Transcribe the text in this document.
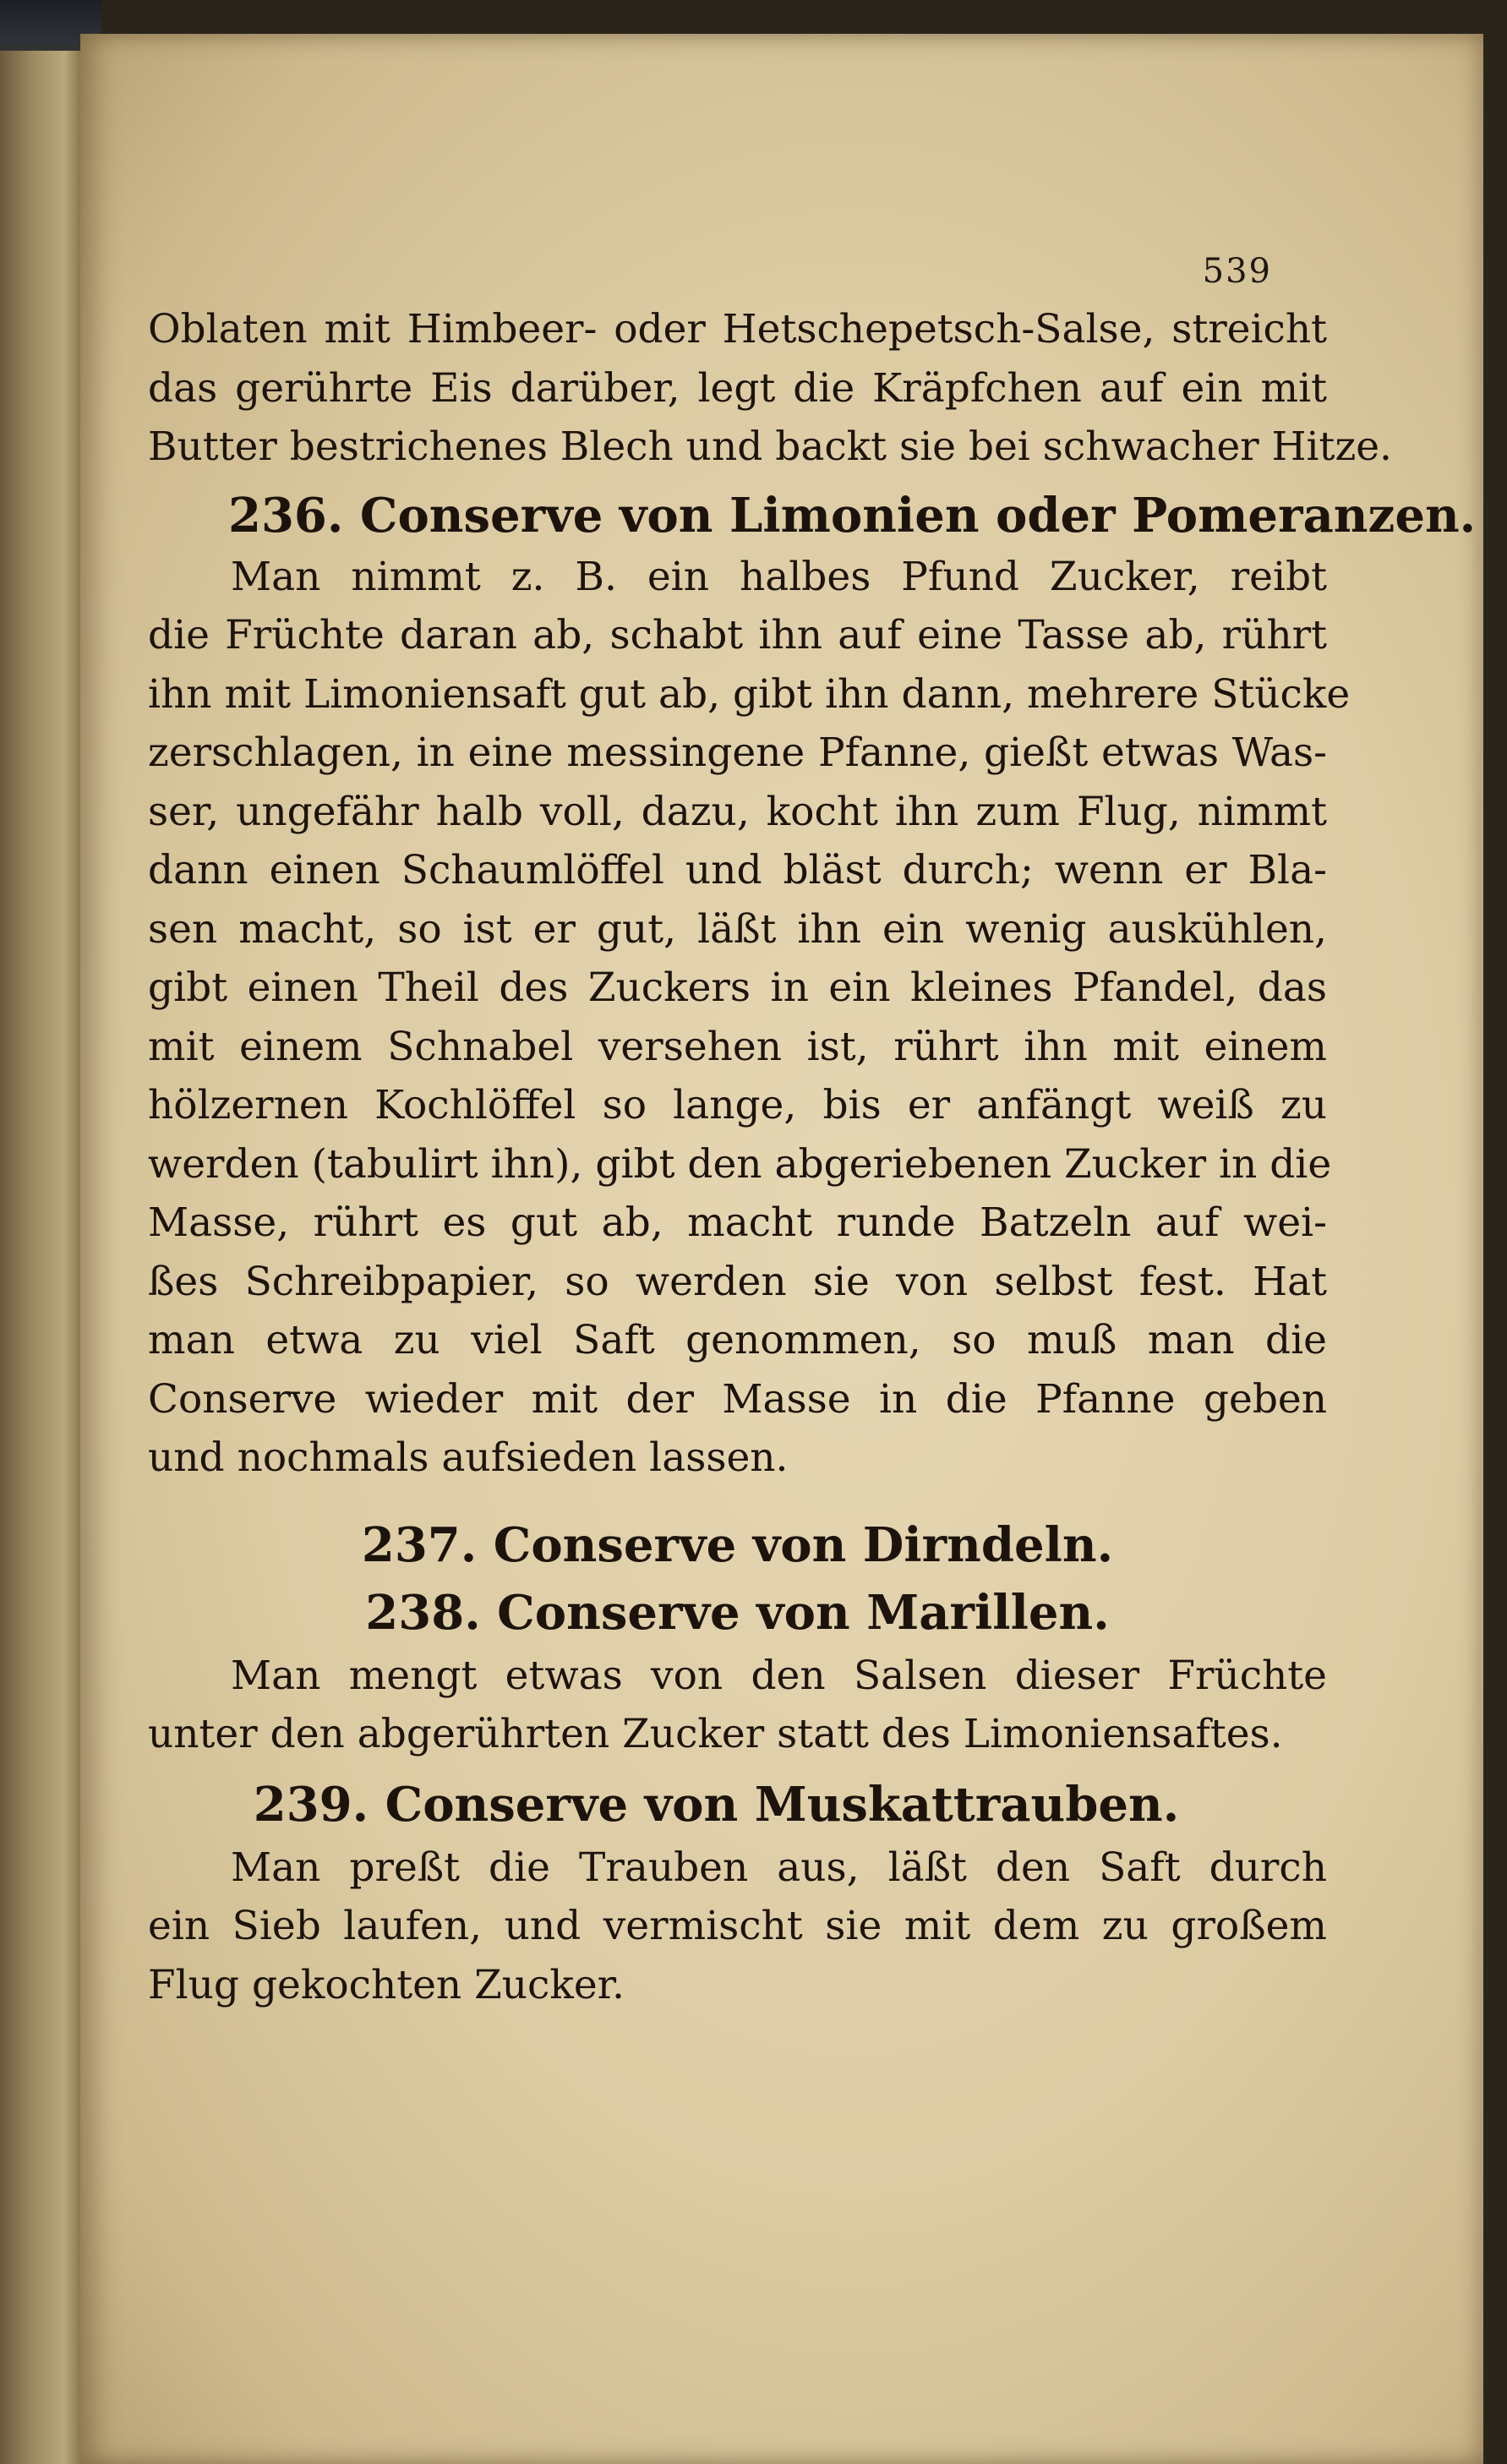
539
Oblaten mit Himbeer- oder Hetschepetsch-Salse, streicht
das gerührte Eis darüber, legt die Kräpfchen auf ein mit
Butter bestrichenes Blech und backt sie bei schwacher Hitze.
236. Conserve von Limonien oder Pomeranzen.
Man nimmt z. B. ein halbes Pfund Zucker, reibt
die Früchte daran ab, schabt ihn auf eine Tasse ab, rührt
ihn mit Limoniensaft gut ab, gibt ihn dann, mehrere Stücke
zerschlagen, in eine messingene Pfanne, gießt etwas Was-
ser, ungefähr halb voll, dazu, kocht ihn zum Flug, nimmt
dann einen Schaumlöffel und bläst durch; wenn er Bla-
sen macht, so ist er gut, läßt ihn ein wenig auskühlen,
gibt einen Theil des Zuckers in ein kleines Pfandel, das
mit einem Schnabel versehen ist, rührt ihn mit einem
hölzernen Kochlöffel so lange, bis er anfängt weiß zu
werden (tabulirt ihn), gibt den abgeriebenen Zucker in die
Masse, rührt es gut ab, macht runde Batzeln auf wei-
ßes Schreibpapier, so werden sie von selbst fest. Hat
man etwa zu viel Saft genommen, so muß man die
Conserve wieder mit der Masse in die Pfanne geben
und nochmals aufsieden lassen.
237. Conserve von Dirndeln.
238. Conserve von Marillen.
Man mengt etwas von den Salsen dieser Früchte
unter den abgerührten Zucker statt des Limoniensaftes.
239. Conserve von Muskattrauben.
Man preßt die Trauben aus, läßt den Saft durch
ein Sieb laufen, und vermischt sie mit dem zu großem
Flug gekochten Zucker.
